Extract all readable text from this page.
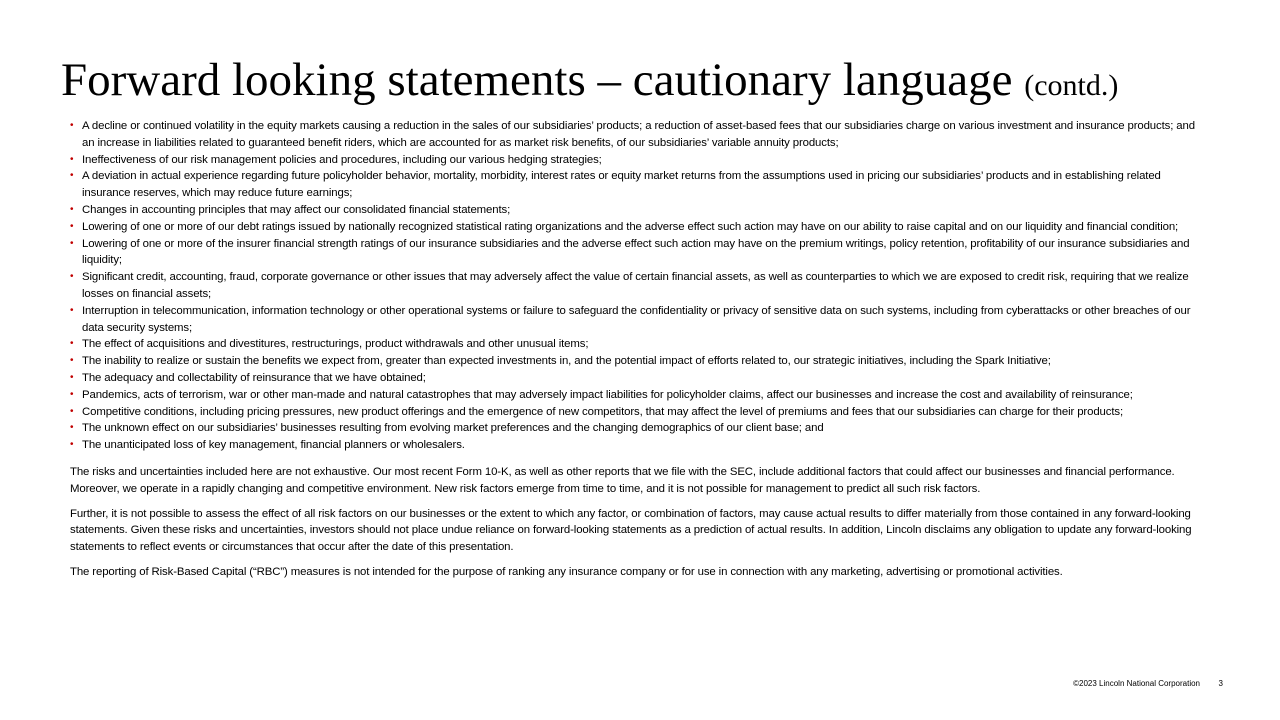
Forward looking statements – cautionary language (contd.)
• A decline or continued volatility in the equity markets causing a reduction in the sales of our subsidiaries’ products; a reduction of asset-based fees that our subsidiaries charge on various investment and insurance products; and an increase in liabilities related to guaranteed benefit riders, which are accounted for as market risk benefits, of our subsidiaries’ variable annuity products;
• Ineffectiveness of our risk management policies and procedures, including our various hedging strategies;
• A deviation in actual experience regarding future policyholder behavior, mortality, morbidity, interest rates or equity market returns from the assumptions used in pricing our subsidiaries’ products and in establishing related insurance reserves, which may reduce future earnings;
• Changes in accounting principles that may affect our consolidated financial statements;
• Lowering of one or more of our debt ratings issued by nationally recognized statistical rating organizations and the adverse effect such action may have on our ability to raise capital and on our liquidity and financial condition;
• Lowering of one or more of the insurer financial strength ratings of our insurance subsidiaries and the adverse effect such action may have on the premium writings, policy retention, profitability of our insurance subsidiaries and liquidity;
• Significant credit, accounting, fraud, corporate governance or other issues that may adversely affect the value of certain financial assets, as well as counterparties to which we are exposed to credit risk, requiring that we realize losses on financial assets;
• Interruption in telecommunication, information technology or other operational systems or failure to safeguard the confidentiality or privacy of sensitive data on such systems, including from cyberattacks or other breaches of our data security systems;
• The effect of acquisitions and divestitures, restructurings, product withdrawals and other unusual items;
• The inability to realize or sustain the benefits we expect from, greater than expected investments in, and the potential impact of efforts related to, our strategic initiatives, including the Spark Initiative;
• The adequacy and collectability of reinsurance that we have obtained;
• Pandemics, acts of terrorism, war or other man-made and natural catastrophes that may adversely impact liabilities for policyholder claims, affect our businesses and increase the cost and availability of reinsurance;
• Competitive conditions, including pricing pressures, new product offerings and the emergence of new competitors, that may affect the level of premiums and fees that our subsidiaries can charge for their products;
• The unknown effect on our subsidiaries’ businesses resulting from evolving market preferences and the changing demographics of our client base; and
• The unanticipated loss of key management, financial planners or wholesalers.

The risks and uncertainties included here are not exhaustive. Our most recent Form 10-K, as well as other reports that we file with the SEC, include additional factors that could affect our businesses and financial performance. Moreover, we operate in a rapidly changing and competitive environment. New risk factors emerge from time to time, and it is not possible for management to predict all such risk factors.

Further, it is not possible to assess the effect of all risk factors on our businesses or the extent to which any factor, or combination of factors, may cause actual results to differ materially from those contained in any forward-looking statements. Given these risks and uncertainties, investors should not place undue reliance on forward-looking statements as a prediction of actual results. In addition, Lincoln disclaims any obligation to update any forward-looking statements to reflect events or circumstances that occur after the date of this presentation.

The reporting of Risk-Based Capital (“RBC”) measures is not intended for the purpose of ranking any insurance company or for use in connection with any marketing, advertising or promotional activities.

©2023 Lincoln National Corporation 3
